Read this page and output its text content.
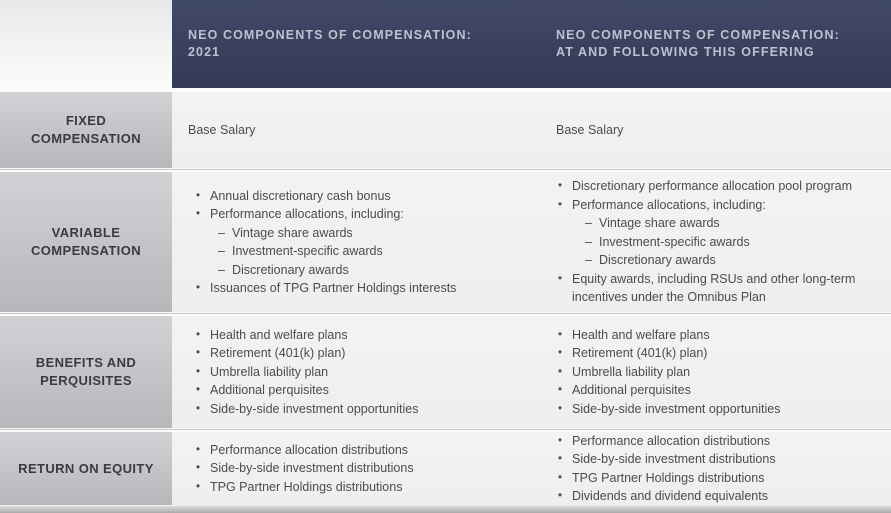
NEO COMPONENTS OF COMPENSATION:
2021
NEO COMPONENTS OF COMPENSATION:
AT AND FOLLOWING THIS OFFERING
FIXED COMPENSATION
Base Salary	Base Salary
VARIABLE COMPENSATION
• Annual discretionary cash bonus
• Performance allocations, including:
– Vintage share awards
– Investment-specific awards
– Discretionary awards
• Issuances of TPG Partner Holdings interests
• Discretionary performance allocation pool program
• Performance allocations, including:
– Vintage share awards
– Investment-specific awards
– Discretionary awards
• Equity awards, including RSUs and other long-term incentives under the Omnibus Plan
BENEFITS AND PERQUISITES
• Health and welfare plans
• Retirement (401(k) plan)
• Umbrella liability plan
• Additional perquisites
• Side-by-side investment opportunities
• Health and welfare plans
• Retirement (401(k) plan)
• Umbrella liability plan
• Additional perquisites
• Side-by-side investment opportunities
RETURN ON EQUITY
• Performance allocation distributions
• Side-by-side investment distributions
• TPG Partner Holdings distributions
• Performance allocation distributions
• Side-by-side investment distributions
• TPG Partner Holdings distributions
• Dividends and dividend equivalents
